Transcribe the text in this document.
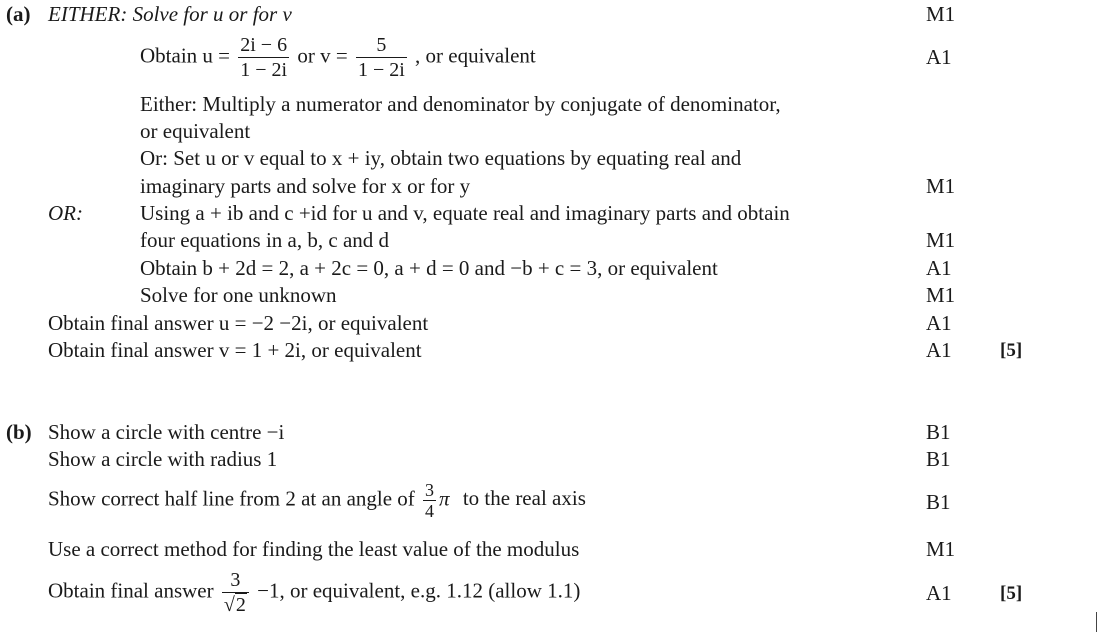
(a) EITHER: Solve for u or for v	M1
Obtain $u = \frac{2i - 6}{1 - 2i}$ or $v = \frac{5}{1 - 2i}$ , or equivalent	A1
Either: Multiply a numerator and denominator by conjugate of denominator,
or equivalent
Or: Set u or v equal to x + iy, obtain two equations by equating real and
imaginary parts and solve for x or for y	M1
OR:	Using a + ib and c +id for u and v, equate real and imaginary parts and obtain
four equations in a, b, c and d	M1
Obtain b + 2d = 2, a + 2c = 0, a + d = 0 and −b + c = 3, or equivalent	A1
Solve for one unknown	M1
Obtain final answer u = −2 −2i, or equivalent	A1
Obtain final answer v = 1 + 2i, or equivalent	A1	[5]
(b) Show a circle with centre −i	B1
Show a circle with radius 1	B1
Show correct half line from 2 at an angle of $\frac{3}{4}$ π to the real axis	B1
Use a correct method for finding the least value of the modulus	M1
Obtain final answer $\frac{3}{√2} -1$, or equivalent, e.g. 1.12 (allow 1.1)	A1	[5]
